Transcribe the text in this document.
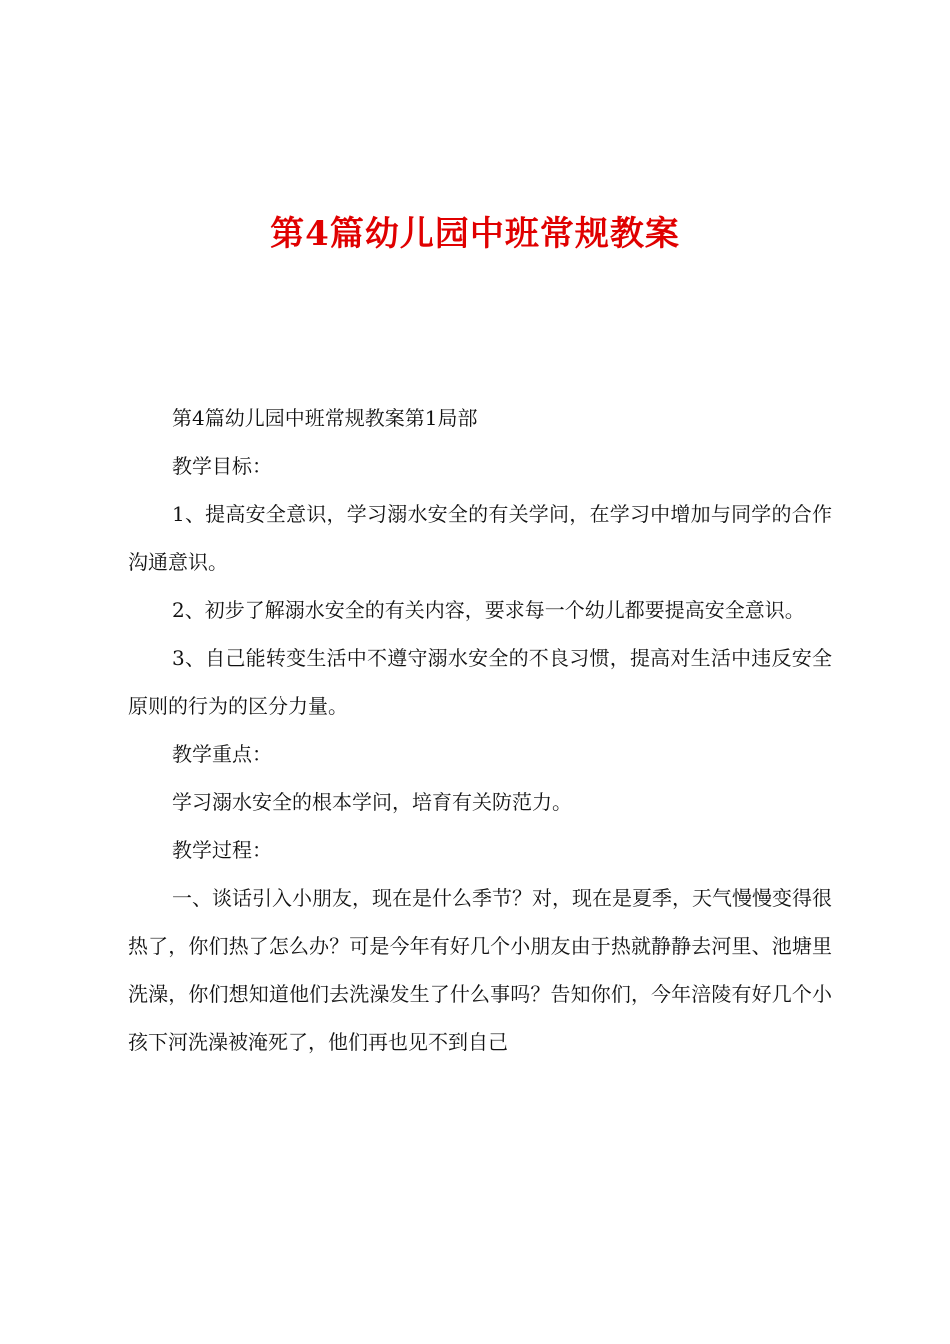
第4篇幼儿园中班常规教案

第4篇幼儿园中班常规教案第1局部

教学目标：

1、提高安全意识，学习溺水安全的有关学问，在学习中增加与同学的合作沟通意识。

2、初步了解溺水安全的有关内容，要求每一个幼儿都要提高安全意识。

3、自己能转变生活中不遵守溺水安全的不良习惯，提高对生活中违反安全原则的行为的区分力量。

教学重点：

学习溺水安全的根本学问，培育有关防范力。

教学过程：

一、谈话引入小朋友，现在是什么季节？对，现在是夏季，天气慢慢变得很热了，你们热了怎么办？可是今年有好几个小朋友由于热就静静去河里、池塘里洗澡，你们想知道他们去洗澡发生了什么事吗？告知你们，今年涪陵有好几个小孩下河洗澡被淹死了，他们再也见不到自己
